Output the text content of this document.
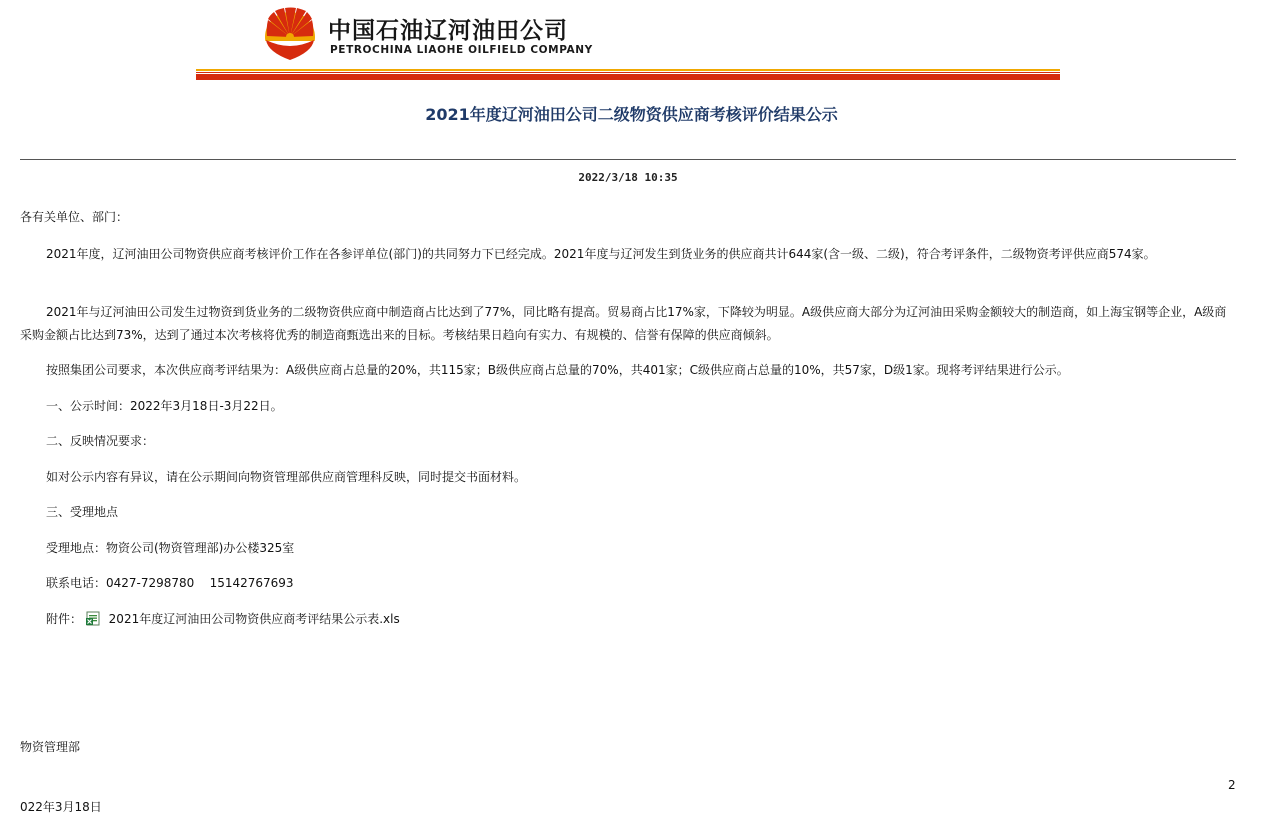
中国石油辽河油田公司
PETROCHINA LIAOHE OILFIELD COMPANY
2021年度辽河油田公司二级物资供应商考核评价结果公示
2022/3/18 10:35
各有关单位、部门：
2021年度，辽河油田公司物资供应商考核评价工作在各参评单位(部门)的共同努力下已经完成。2021年度与辽河发生到货业务的供应商共计644家(含一级、二级)，符合考评条件，二级物资考评供应商574家。
2021年与辽河油田公司发生过物资到货业务的二级物资供应商中制造商占比达到了77%，同比略有提高。贸易商占比17%家，下降较为明显。A级供应商大部分为辽河油田采购金额较大的制造商，如上海宝钢等企业，A级商采购金额占比达到73%，达到了通过本次考核将优秀的制造商甄选出来的目标。考核结果日趋向有实力、有规模的、信誉有保障的供应商倾斜。
按照集团公司要求，本次供应商考评结果为：A级供应商占总量的20%，共115家；B级供应商占总量的70%，共401家；C级供应商占总量的10%，共57家，D级1家。现将考评结果进行公示。
一、公示时间：2022年3月18日-3月22日。
二、反映情况要求：
如对公示内容有异议，请在公示期间向物资管理部供应商管理科反映，同时提交书面材料。
三、受理地点
受理地点：物资公司(物资管理部)办公楼325室
联系电话：0427-7298780    15142767693
附件： 2021年度辽河油田公司物资供应商考评结果公示表.xls
物资管理部
2
022年3月18日
